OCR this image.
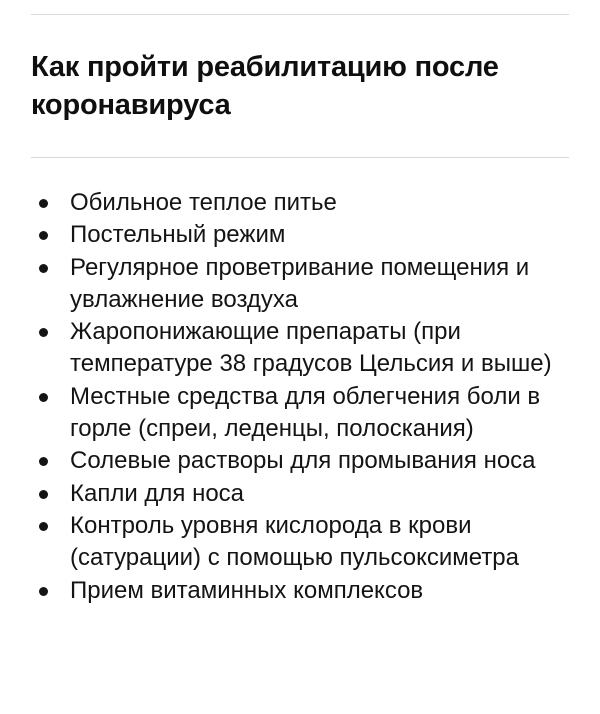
Как пройти реабилитацию после коронавируса
Обильное теплое питье
Постельный режим
Регулярное проветривание помещения и увлажнение воздуха
Жаропонижающие препараты (при температуре 38 градусов Цельсия и выше)
Местные средства для облегчения боли в горле (спреи, леденцы, полоскания)
Солевые растворы для промывания носа
Капли для носа
Контроль уровня кислорода в крови (сатурации) с помощью пульсоксиметра
Прием витаминных комплексов
